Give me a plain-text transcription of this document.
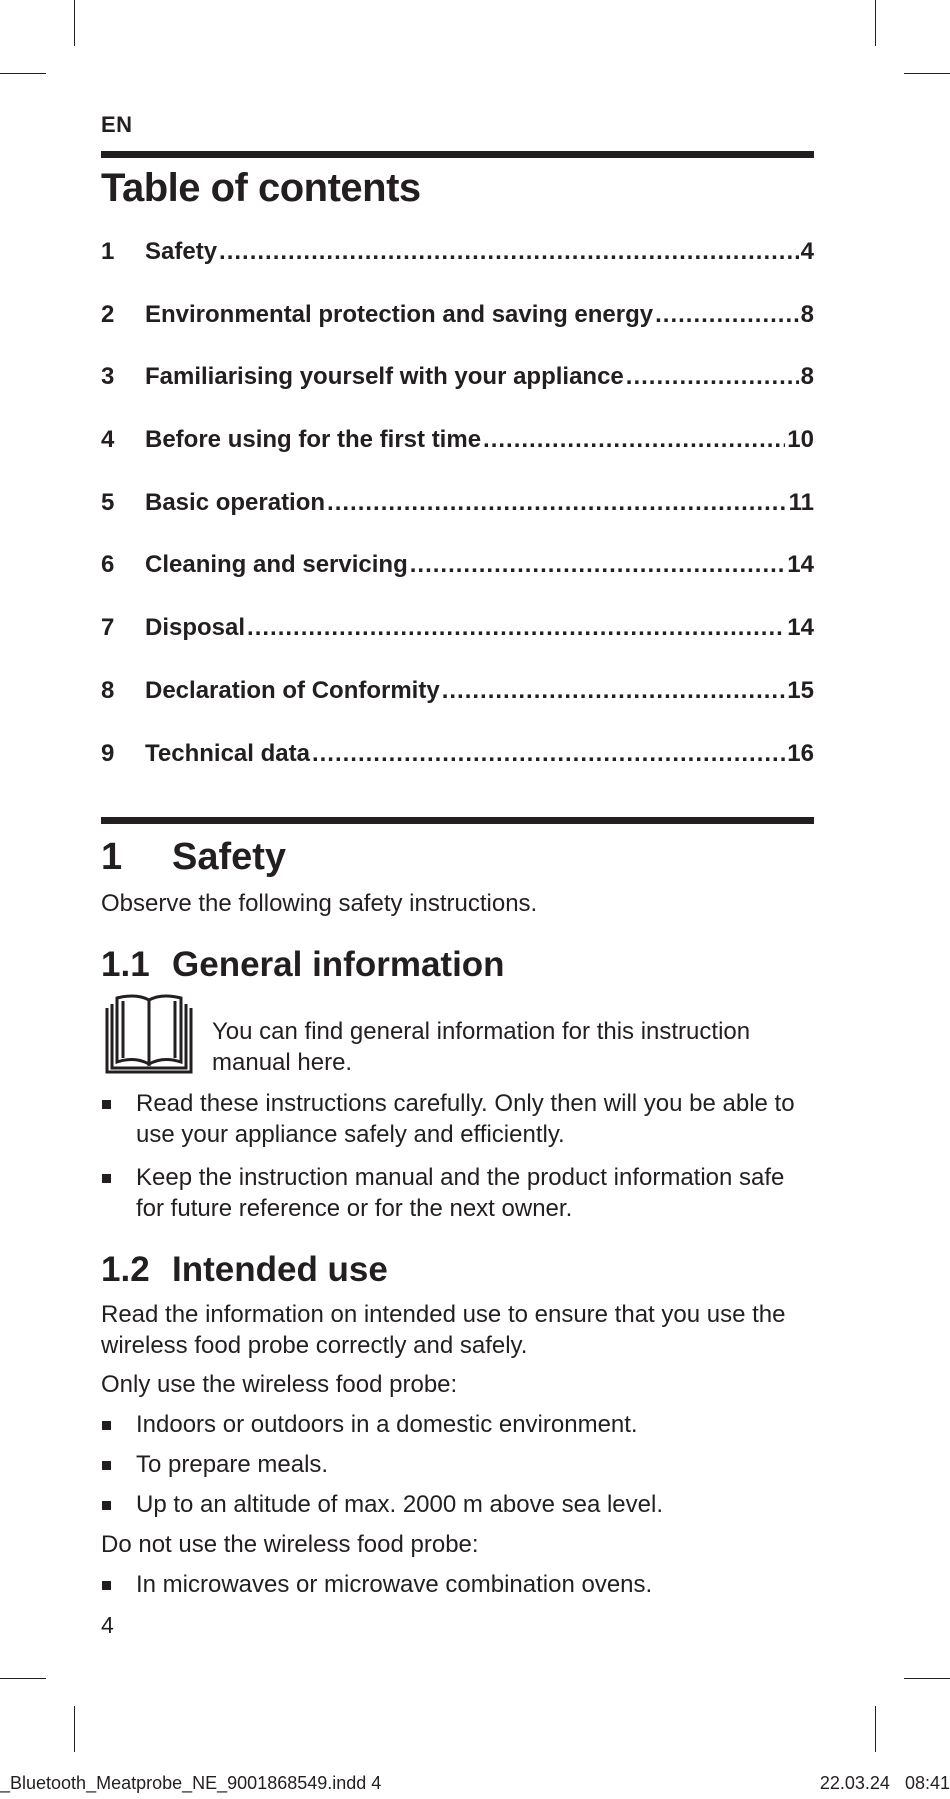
EN
Table of contents
1	Safety .....	4
2	Environmental protection and saving energy .....	8
3	Familiarising yourself with your appliance .....	8
4	Before using for the first time .....	10
5	Basic operation .....	11
6	Cleaning and servicing .....	14
7	Disposal .....	14
8	Declaration of Conformity .....	15
9	Technical data .....	16
1	Safety

Observe the following safety instructions.

1.1 General information

You can find general information for this instruction manual here.

Read these instructions carefully. Only then will you be able to use your appliance safely and efficiently.
Keep the instruction manual and the product information safe for future reference or for the next owner.
1.2 Intended use

Read the information on intended use to ensure that you use the wireless food probe correctly and safely.

Only use the wireless food probe:

Indoors or outdoors in a domestic environment.
To prepare meals.
Up to an altitude of max. 2000 m above sea level.

Do not use the wireless food probe:

In microwaves or microwave combination ovens.
4
_Bluetooth_Meatprobe_NE_9001868549.indd 4	22.03.24 08:41
